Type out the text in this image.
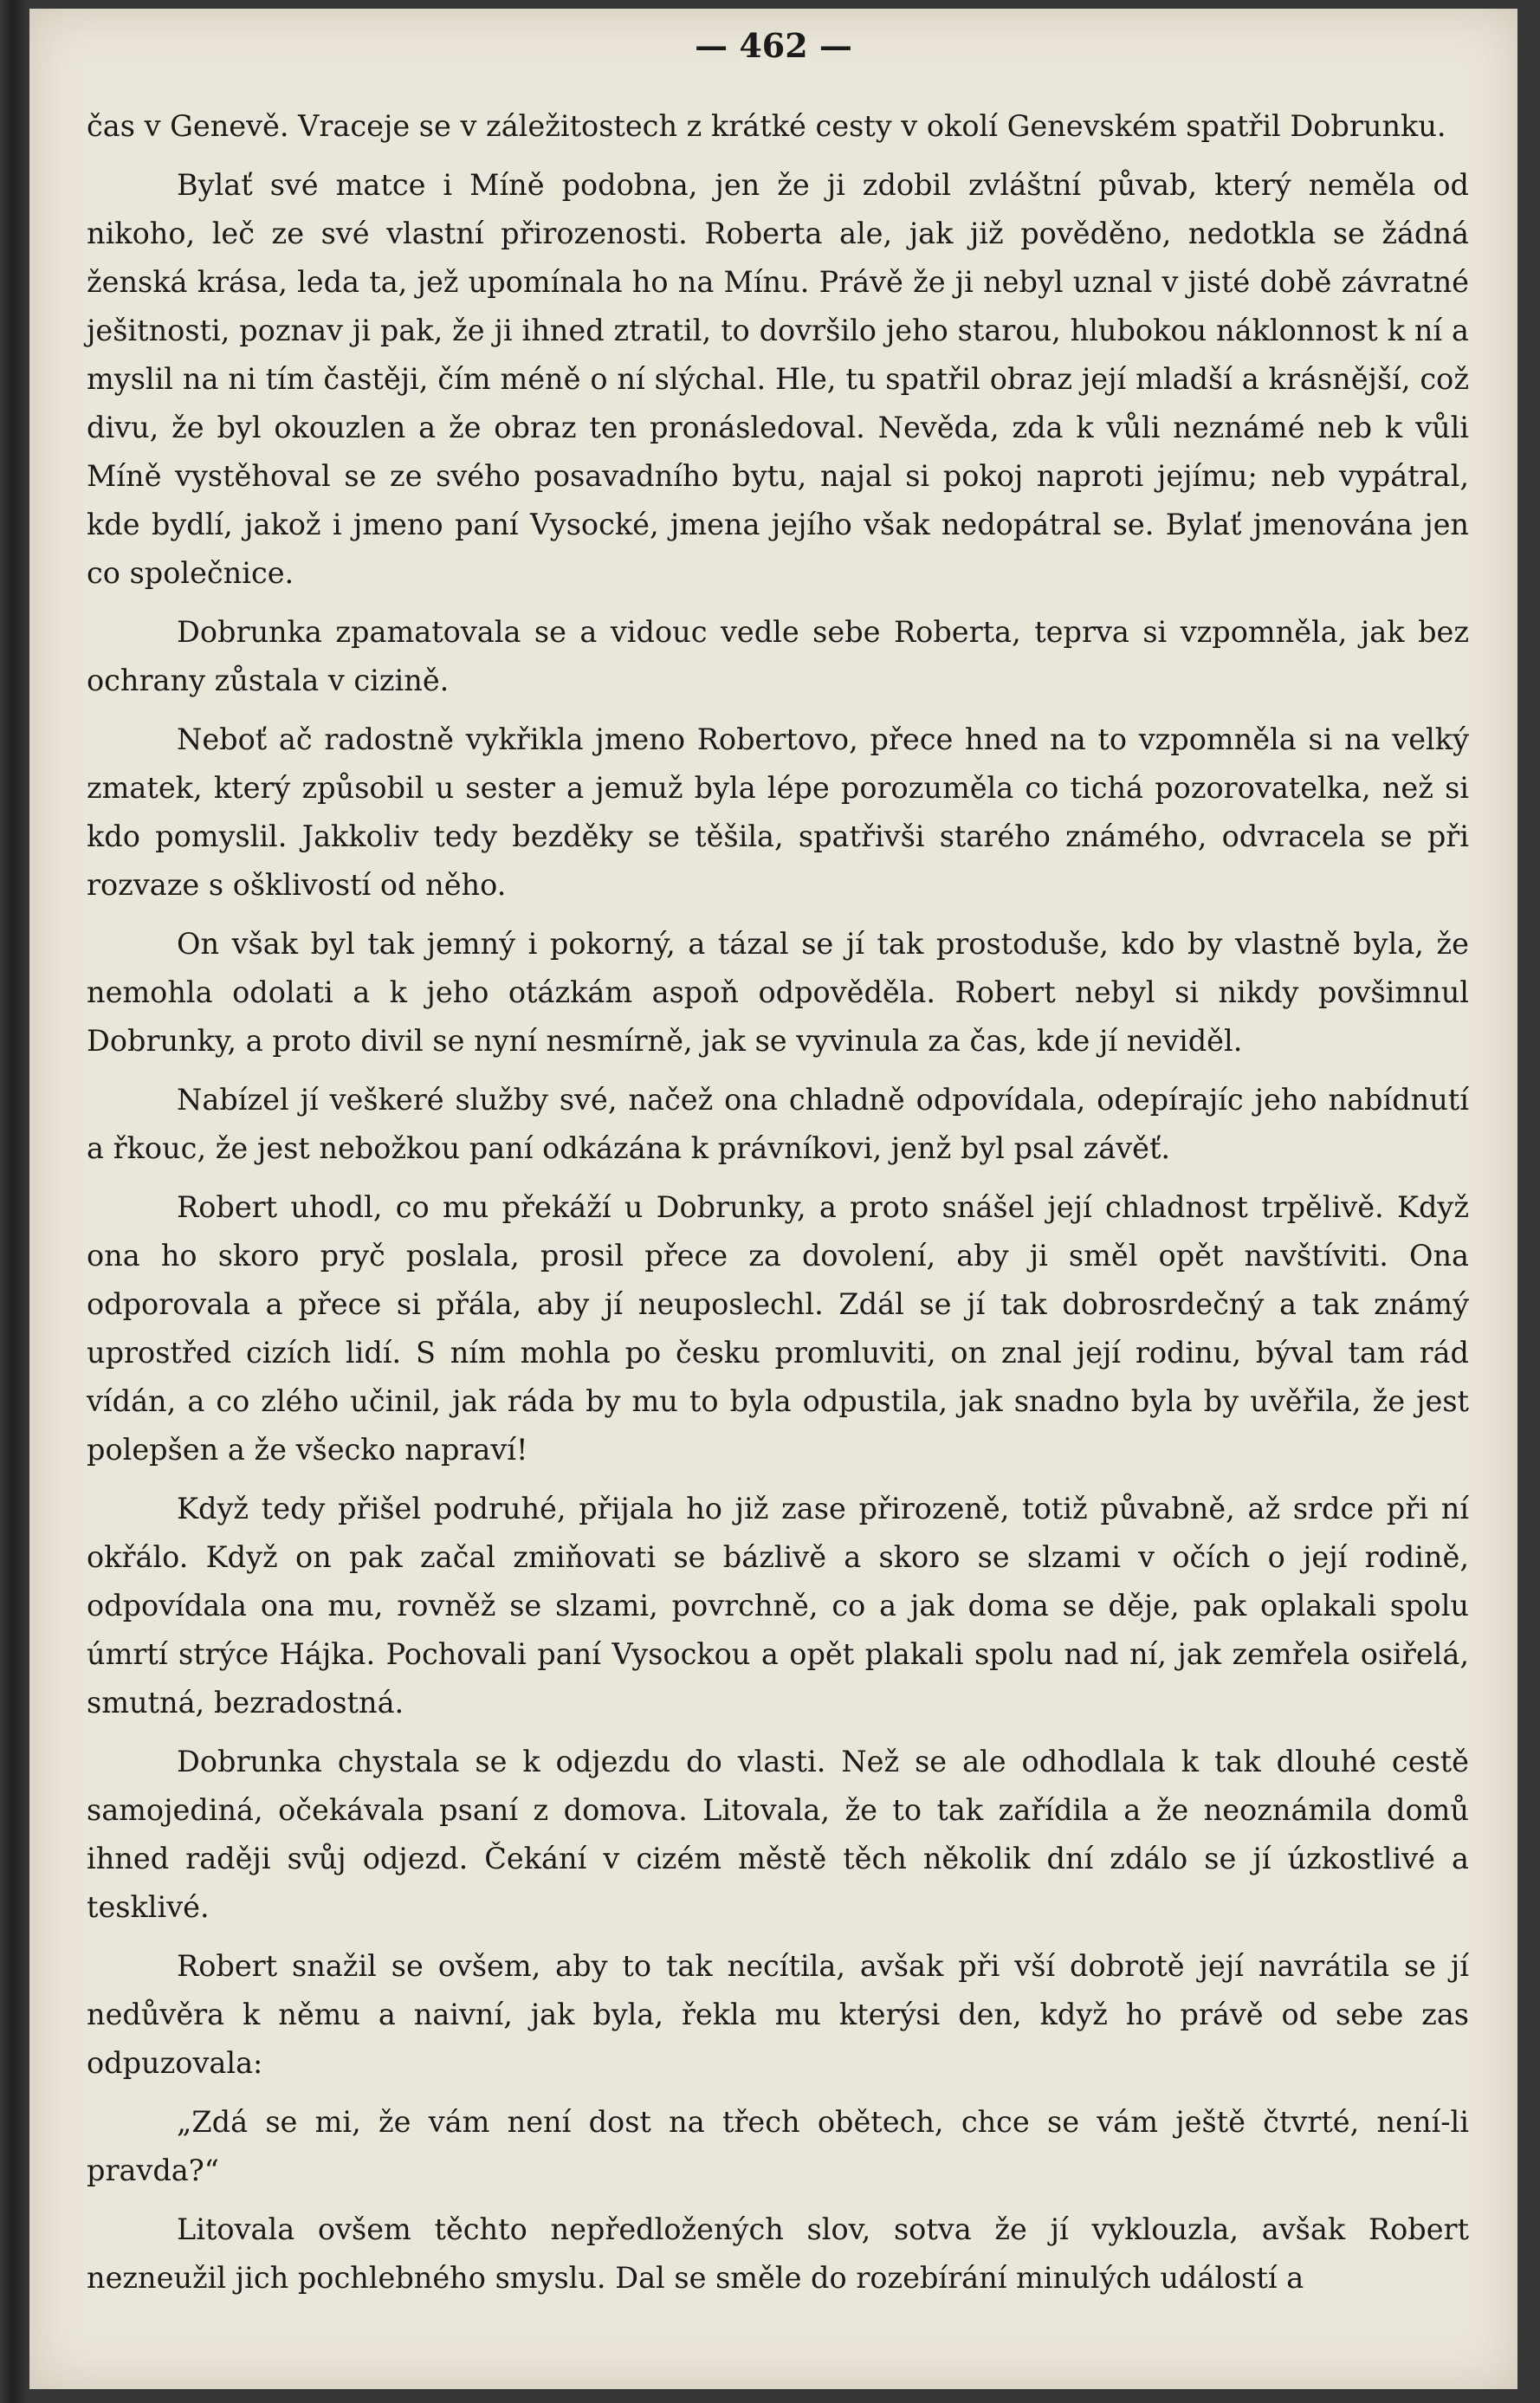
— 462 —

čas v Genevě. Vraceje se v záležitostech z krátké cesty v okolí Genevském spatřil Dobrunku.

Bylať své matce i Míně podobna, jen že ji zdobil zvláštní půvab, který neměla od nikoho, leč ze své vlastní přirozenosti. Roberta ale, jak již pověděno, nedotkla se žádná ženská krása, leda ta, jež upomínala ho na Mínu. Právě že ji nebyl uznal v jisté době závratné ješitnosti, poznav ji pak, že ji ihned ztratil, to dovršilo jeho starou, hlubokou náklonnost k ní a myslil na ni tím častěji, čím méně o ní slýchal. Hle, tu spatřil obraz její mladší a krásnější, což divu, že byl okouzlen a že obraz ten pronásledoval. Nevěda, zda k vůli neznámé neb k vůli Míně vystěhoval se ze svého posavadního bytu, najal si pokoj naproti jejímu; neb vypátral, kde bydlí, jakož i jmeno paní Vysocké, jmena jejího však nedopátral se. Bylať jmenována jen co společnice.

Dobrunka zpamatovala se a vidouc vedle sebe Roberta, teprva si vzpomněla, jak bez ochrany zůstala v cizině.

Neboť ač radostně vykřikla jmeno Robertovo, přece hned na to vzpomněla si na velký zmatek, který způsobil u sester a jemuž byla lépe porozuměla co tichá pozorovatelka, než si kdo pomyslil. Jakkoliv tedy bezděky se těšila, spatřivši starého známého, odvracela se při rozvaze s ošklivostí od něho.

On však byl tak jemný i pokorný, a tázal se jí tak prostoduše, kdo by vlastně byla, že nemohla odolati a k jeho otázkám aspoň odpověděla. Robert nebyl si nikdy povšimnul Dobrunky, a proto divil se nyní nesmírně, jak se vyvinula za čas, kde jí neviděl.

Nabízel jí veškeré služby své, načež ona chladně odpovídala, odepírajíc jeho nabídnutí a řkouc, že jest nebožkou paní odkázána k právníkovi, jenž byl psal závěť.

Robert uhodl, co mu překáží u Dobrunky, a proto snášel její chladnost trpělivě. Když ona ho skoro pryč poslala, prosil přece za dovolení, aby ji směl opět navštíviti. Ona odporovala a přece si přála, aby jí neuposlechl. Zdál se jí tak dobrosrdečný a tak známý uprostřed cizích lidí. S ním mohla po česku promluviti, on znal její rodinu, býval tam rád vídán, a co zlého učinil, jak ráda by mu to byla odpustila, jak snadno byla by uvěřila, že jest polepšen a že všecko napraví!

Když tedy přišel podruhé, přijala ho již zase přirozeně, totiž půvabně, až srdce při ní okřálo. Když on pak začal zmiňovati se bázlivě a skoro se slzami v očích o její rodině, odpovídala ona mu, rovněž se slzami, povrchně, co a jak doma se děje, pak oplakali spolu úmrtí strýce Hájka. Pochovali paní Vysockou a opět plakali spolu nad ní, jak zemřela osiřelá, smutná, bezradostná.

Dobrunka chystala se k odjezdu do vlasti. Než se ale odhodlala k tak dlouhé cestě samojediná, očekávala psaní z domova. Litovala, že to tak zařídila a že neoznámila domů ihned raději svůj odjezd. Čekání v cizém městě těch několik dní zdálo se jí úzkostlivé a tesklivé.

Robert snažil se ovšem, aby to tak necítila, avšak při vší dobrotě její navrátila se jí nedůvěra k němu a naivní, jak byla, řekla mu kterýsi den, když ho právě od sebe zas odpuzovala:

„Zdá se mi, že vám není dost na třech obětech, chce se vám ještě čtvrté, není-li pravda?“

Litovala ovšem těchto nepředložených slov, sotva že jí vyklouzla, avšak Robert nezneužil jich pochlebného smyslu. Dal se směle do rozebírání minulých událostí a
